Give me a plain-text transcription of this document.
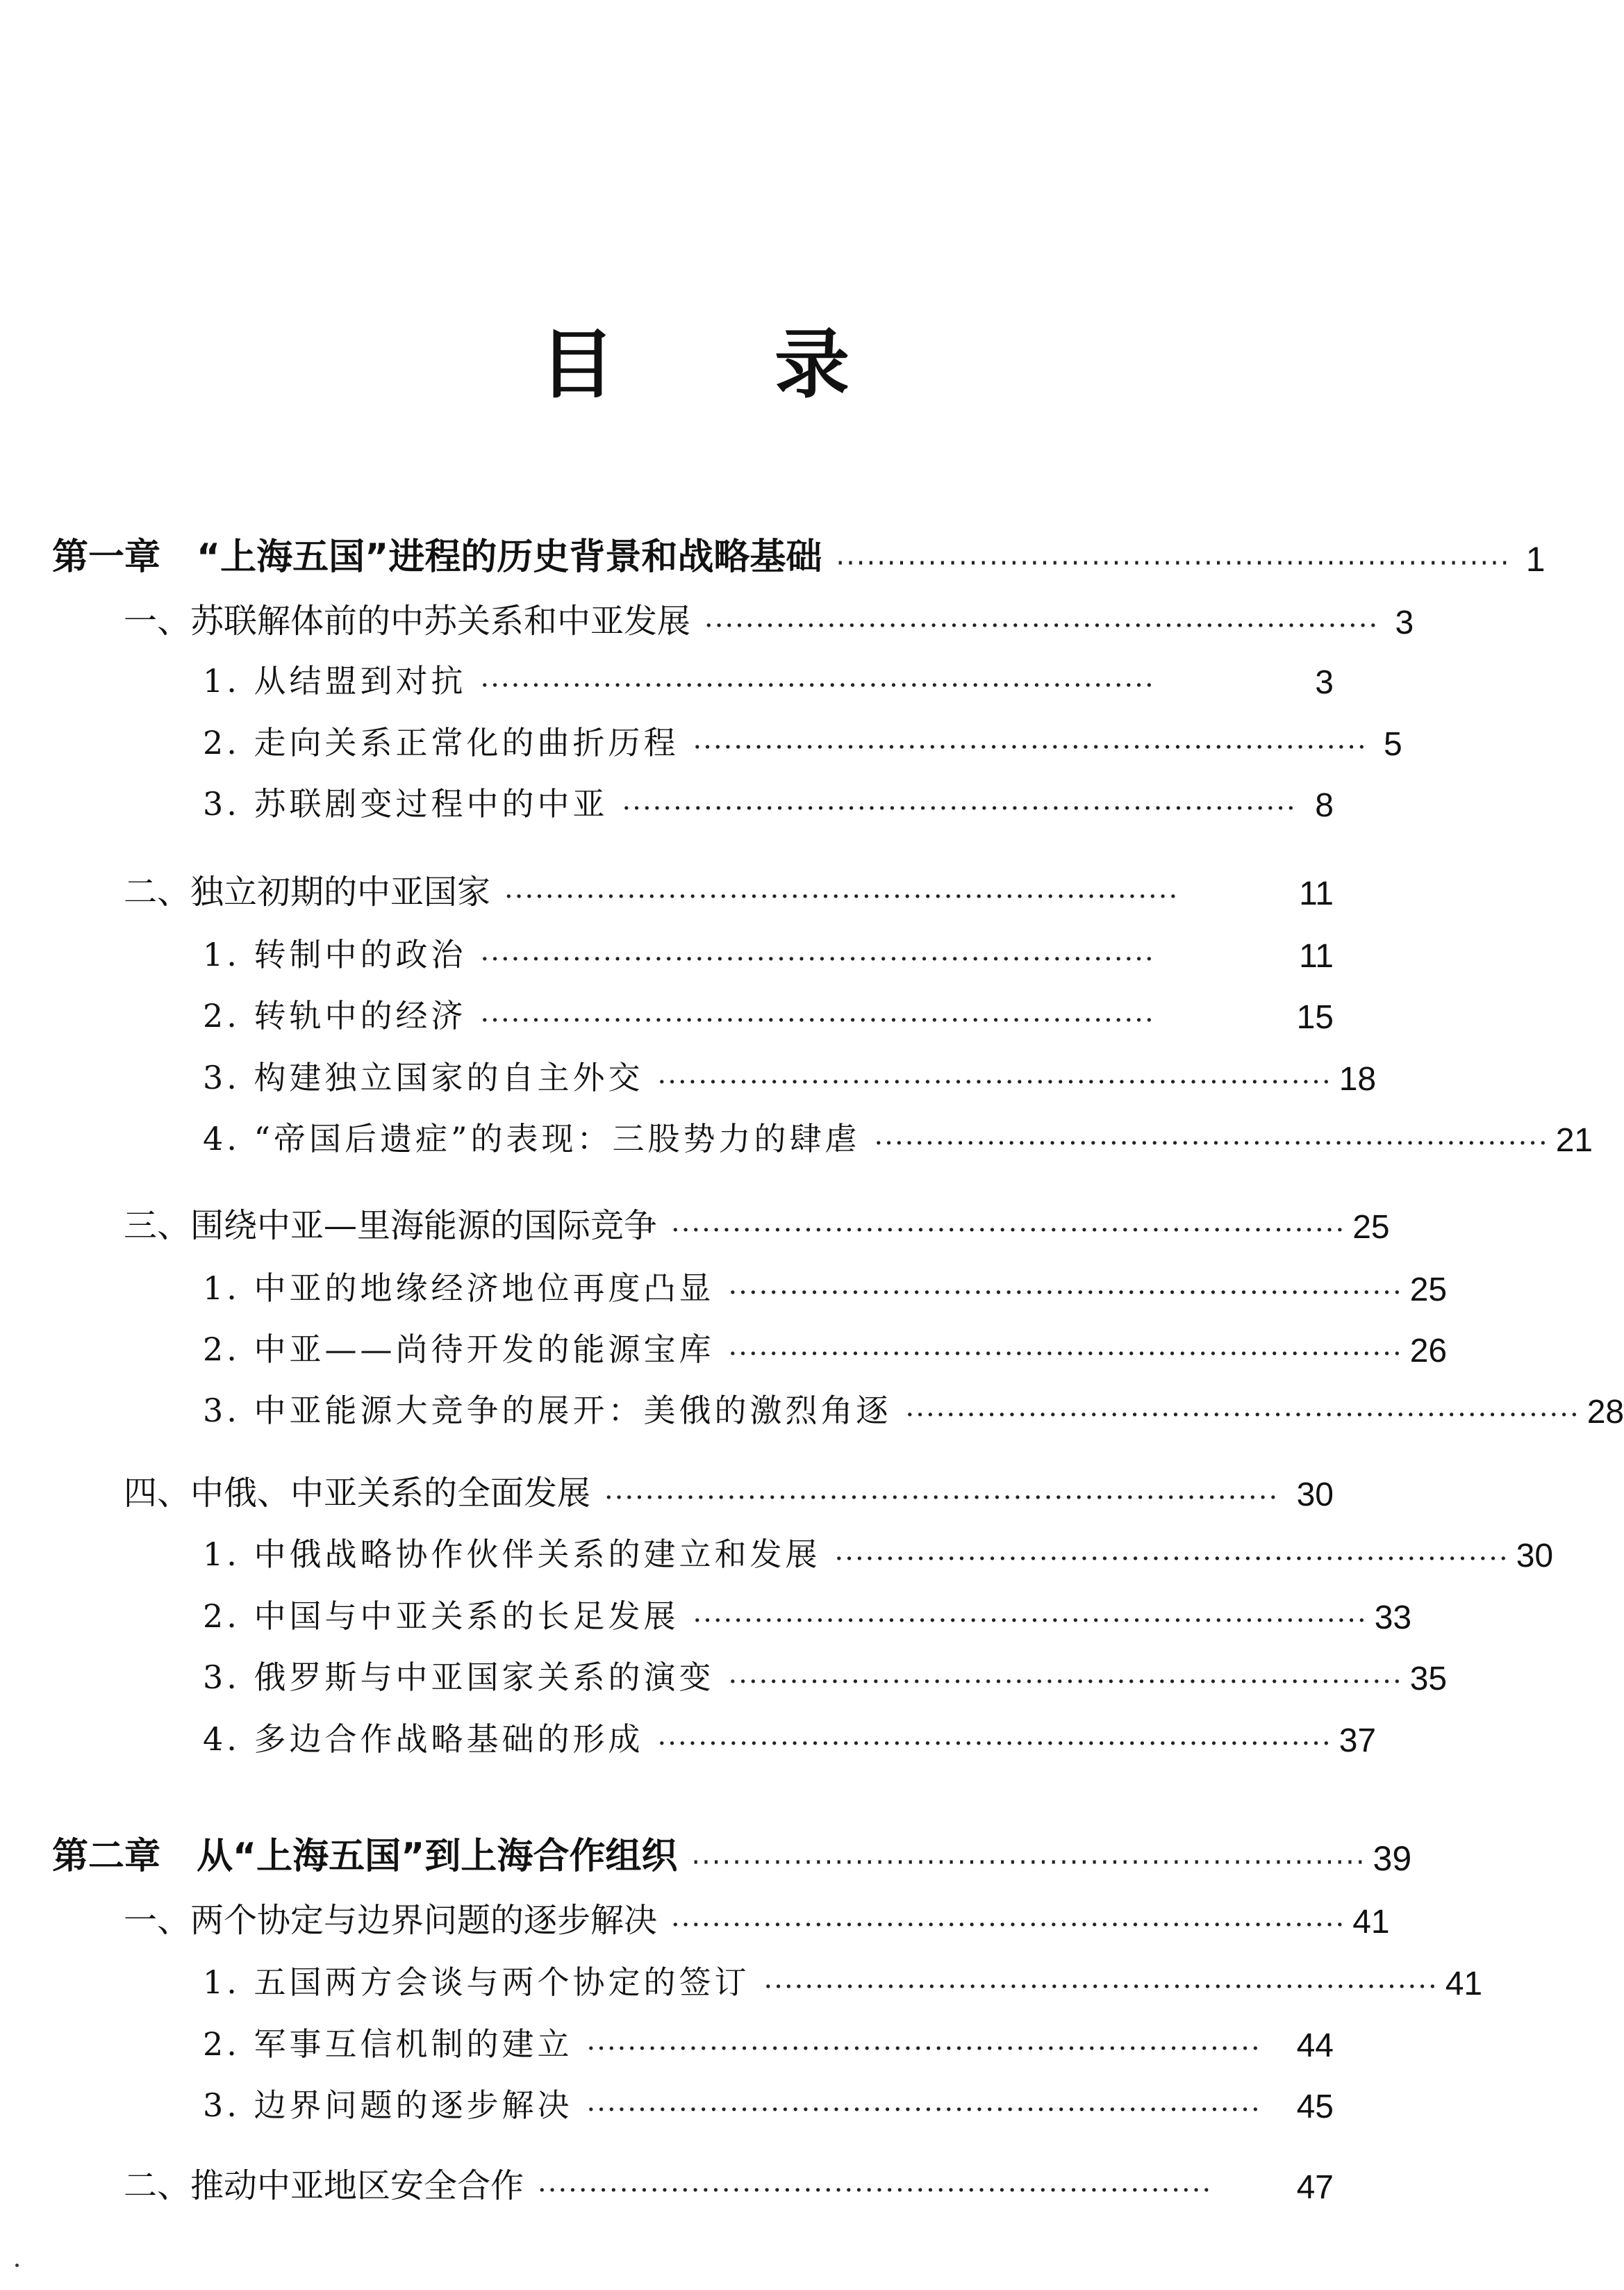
目 录
第一章　“上海五国”进程的历史背景和战略基础 ·································································· 1
一、苏联解体前的中苏关系和中亚发展 ·································································· 3
1. 从结盟到对抗 ··································································	3
2. 走向关系正常化的曲折历程 ·································································· 5
3. 苏联剧变过程中的中亚 ·································································· 8
二、独立初期的中亚国家 ··································································	11
1. 转制中的政治 ··································································	11
2. 转轨中的经济 ··································································	15
3. 构建独立国家的自主外交 ·································································· 18
4. “帝国后遗症”的表现：三股势力的肆虐 ·································································· 21
三、围绕中亚—里海能源的国际竞争 ·································································· 25
1. 中亚的地缘经济地位再度凸显 ·································································· 25
2. 中亚——尚待开发的能源宝库 ·································································· 26
3. 中亚能源大竞争的展开：美俄的激烈角逐 ·································································· 28
四、中俄、中亚关系的全面发展 ·································································· 30
1. 中俄战略协作伙伴关系的建立和发展 ·································································· 30
2. 中国与中亚关系的长足发展 ·································································· 33
3. 俄罗斯与中亚国家关系的演变 ·································································· 35
4. 多边合作战略基础的形成 ·································································· 37
第二章　从“上海五国”到上海合作组织 ·································································· 39
一、两个协定与边界问题的逐步解决 ·································································· 41
1. 五国两方会谈与两个协定的签订 ·································································· 41
2. 军事互信机制的建立 ··································································	44
3. 边界问题的逐步解决 ··································································	45
二、推动中亚地区安全合作 ··································································	47
